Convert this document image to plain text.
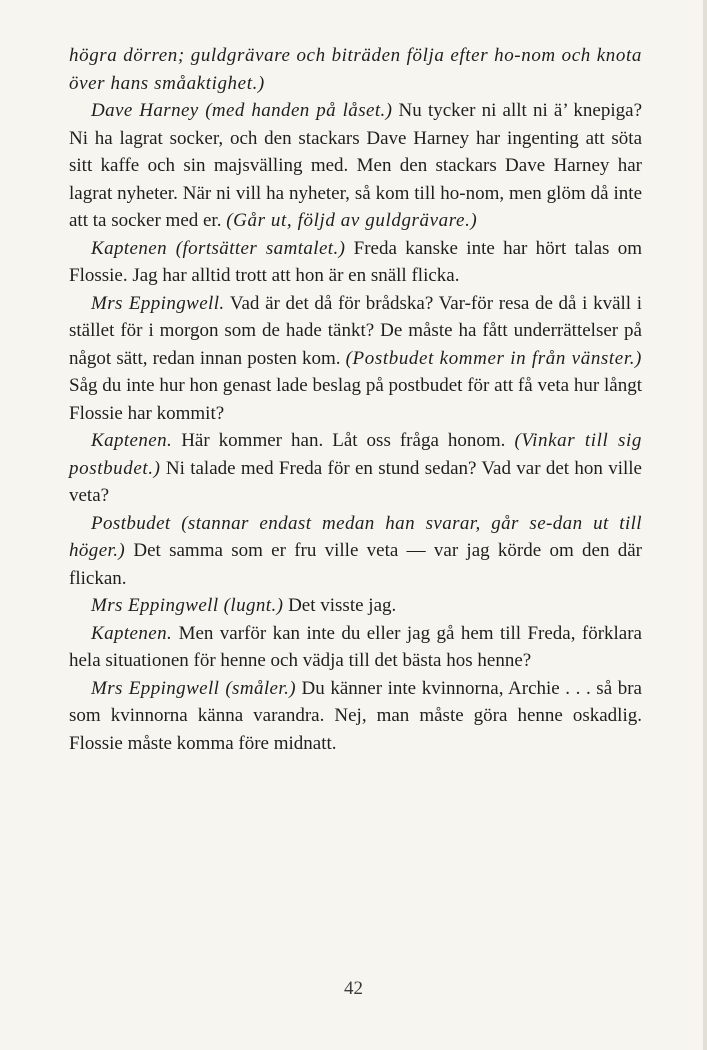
högra dörren; guldgrävare och biträden följa efter ho-nom och knota över hans småaktighet.)

Dave Harney (med handen på låset.) Nu tycker ni allt ni ä’ knepiga? Ni ha lagrat socker, och den stackars Dave Harney har ingenting att söta sitt kaffe och sin majsvälling med. Men den stackars Dave Harney har lagrat nyheter. När ni vill ha nyheter, så kom till ho-nom, men glöm då inte att ta socker med er. (Går ut, följd av guldgrävare.)

Kaptenen (fortsätter samtalet.) Freda kanske inte har hört talas om Flossie. Jag har alltid trott att hon är en snäll flicka.

Mrs Eppingwell. Vad är det då för brådska? Var-för resa de då i kväll i stället för i morgon som de hade tänkt? De måste ha fått underrättelser på något sätt, redan innan posten kom. (Postbudet kommer in från vänster.) Såg du inte hur hon genast lade beslag på postbudet för att få veta hur långt Flossie har kommit?

Kaptenen. Här kommer han. Låt oss fråga honom. (Vinkar till sig postbudet.) Ni talade med Freda för en stund sedan? Vad var det hon ville veta?

Postbudet (stannar endast medan han svarar, går se-dan ut till höger.) Det samma som er fru ville veta — var jag körde om den där flickan.

Mrs Eppingwell (lugnt.) Det visste jag.

Kaptenen. Men varför kan inte du eller jag gå hem till Freda, förklara hela situationen för henne och vädja till det bästa hos henne?

Mrs Eppingwell (småler.) Du känner inte kvinnorna, Archie . . . så bra som kvinnorna känna varandra. Nej, man måste göra henne oskadlig. Flossie måste komma före midnatt.

42
